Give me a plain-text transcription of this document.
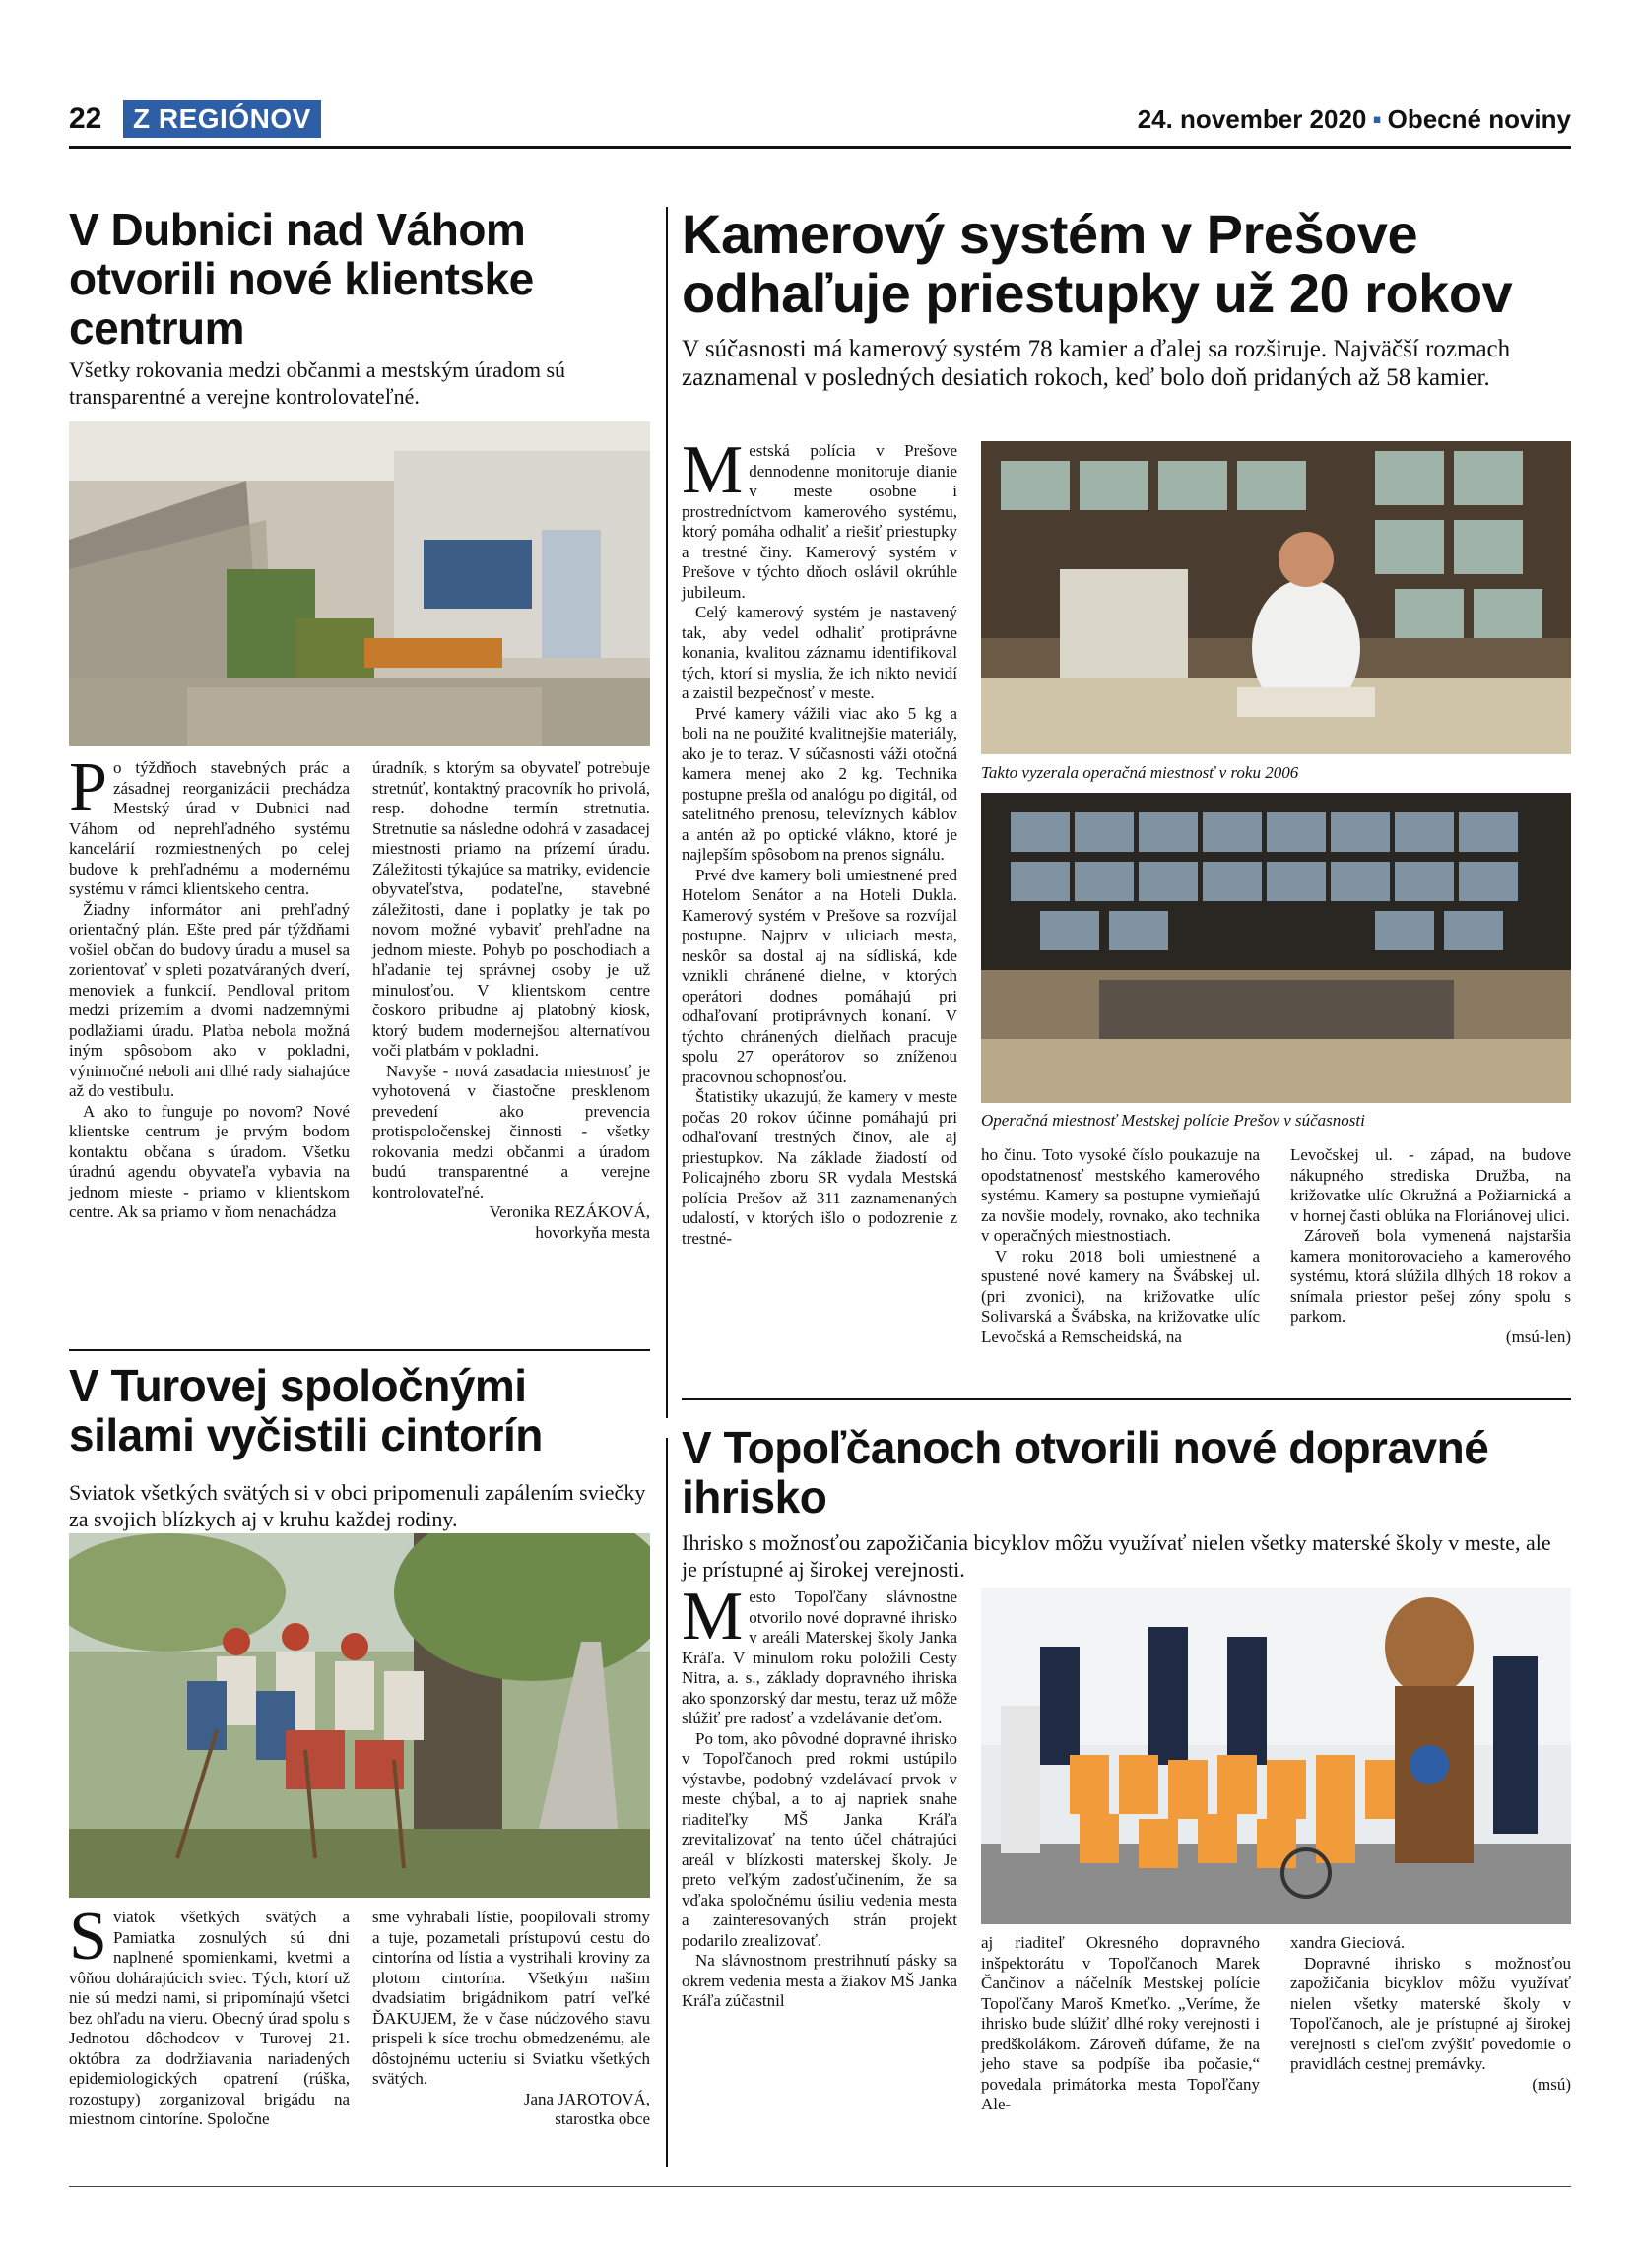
22	Z REGIÓNOV	24. november 2020 ▪ Obecné noviny
V Dubnici nad Váhom otvorili nové klientske centrum

Všetky rokovania medzi občanmi a mestským úradom sú transparentné a verejne kontrolovateľné.

Po týždňoch stavebných prác a zásadnej reorganizácii prechádza Mestský úrad v Dubnici nad Váhom od neprehľadného systému kancelárií rozmiestnených po celej budove k prehľadnému a modernému systému v rámci klientskeho centra.

Žiadny informátor ani prehľadný orientačný plán. Ešte pred pár týždňami vošiel občan do budovy úradu a musel sa zorientovať v spleti pozatváraných dverí, menoviek a funkcií. Pendloval pritom medzi prízemím a dvomi nadzemnými podlažiami úradu. Platba nebola možná iným spôsobom ako v pokladni, výnimočné neboli ani dlhé rady siahajúce až do vestibulu.

A ako to funguje po novom? Nové klientske centrum je prvým bodom kontaktu občana s úradom. Všetku úradnú agendu obyvateľa vybavia na jednom mieste - priamo v klientskom centre. Ak sa priamo v ňom nenachádza

úradník, s ktorým sa obyvateľ potrebuje stretnúť, kontaktný pracovník ho privolá, resp. dohodne termín stretnutia. Stretnutie sa následne odohrá v zasadacej miestnosti priamo na prízemí úradu. Záležitosti týkajúce sa matriky, evidencie obyvateľstva, podateľne, stavebné záležitosti, dane i poplatky je tak po novom možné vybaviť prehľadne na jednom mieste. Pohyb po poschodiach a hľadanie tej správnej osoby je už minulosťou. V klientskom centre čoskoro pribudne aj platobný kiosk, ktorý budem modernejšou alternatívou voči platbám v pokladni.

Navyše - nová zasadacia miestnosť je vyhotovená v čiastočne presklenom prevedení ako prevencia protispoločenskej činnosti - všetky rokovania medzi občanmi a úradom budú transparentné a verejne kontrolovateľné.

Veronika REZÁKOVÁ,

hovorkyňa mesta

Kamerový systém v Prešove odhaľuje priestupky už 20 rokov

V súčasnosti má kamerový systém 78 kamier a ďalej sa rozširuje. Najväčší rozmach zaznamenal v posledných desiatich rokoch, keď bolo doň pridaných až 58 kamier.

Mestská polícia v Prešove dennodenne monitoruje dianie v meste osobne i prostredníctvom kamerového systému, ktorý pomáha odhaliť a riešiť priestupky a trestné činy. Kamerový systém v Prešove v týchto dňoch oslávil okrúhle jubileum.

Celý kamerový systém je nastavený tak, aby vedel odhaliť protiprávne konania, kvalitou záznamu identifikoval tých, ktorí si myslia, že ich nikto nevidí a zaistil bezpečnosť v meste.

Prvé kamery vážili viac ako 5 kg a boli na ne použité kvalitnejšie materiály, ako je to teraz. V súčasnosti váži otočná kamera menej ako 2 kg. Technika postupne prešla od analógu po digitál, od satelitného prenosu, televíznych káblov a antén až po optické vlákno, ktoré je najlepším spôsobom na prenos signálu.

Prvé dve kamery boli umiestnené pred Hotelom Senátor a na Hoteli Dukla. Kamerový systém v Prešove sa rozvíjal postupne. Najprv v uliciach mesta, neskôr sa dostal aj na sídliská, kde vznikli chránené dielne, v ktorých operátori dodnes pomáhajú pri odhaľovaní protiprávnych konaní. V týchto chránených dielňach pracuje spolu 27 operátorov so zníženou pracovnou schopnosťou.

Štatistiky ukazujú, že kamery v meste počas 20 rokov účinne pomáhajú pri odhaľovaní trestných činov, ale aj priestupkov. Na základe žiadostí od Policajného zboru SR vydala Mestská polícia Prešov až 311 zaznamenaných udalostí, v ktorých išlo o podozrenie z trestné-

Takto vyzerala operačná miestnosť v roku 2006
Operačná miestnosť Mestskej polície Prešov v súčasnosti

ho činu. Toto vysoké číslo poukazuje na opodstatnenosť mestského kamerového systému. Kamery sa postupne vymieňajú za novšie modely, rovnako, ako technika v operačných miestnostiach.

V roku 2018 boli umiestnené a spustené nové kamery na Švábskej ul. (pri zvonici), na križovatke ulíc Solivarská a Švábska, na križovatke ulíc Levočská a Remscheidská, na

Levočskej ul. - západ, na budove nákupného strediska Družba, na križovatke ulíc Okružná a Požiarnická a v hornej časti oblúka na Floriánovej ulici.

Zároveň bola vymenená najstaršia kamera monitorovacieho a kamerového systému, ktorá slúžila dlhých 18 rokov a snímala priestor pešej zóny spolu s parkom.

(msú-len)

V Turovej spoločnými silami vyčistili cintorín

Sviatok všetkých svätých si v obci pripomenuli zapálením sviečky za svojich blízkych aj v kruhu každej rodiny.

Sviatok všetkých svätých a Pamiatka zosnulých sú dni naplnené spomienkami, kvetmi a vôňou dohárajúcich sviec. Tých, ktorí už nie sú medzi nami, si pripomínajú všetci bez ohľadu na vieru. Obecný úrad spolu s Jednotou dôchodcov v Turovej 21. októbra za dodržiavania nariadených epidemiologických opatrení (rúška, rozostupy) zorganizoval brigádu na miestnom cintoríne. Spoločne

sme vyhrabali lístie, poopilovali stromy a tuje, pozametali prístupovú cestu do cintorína od lístia a vystrihali kroviny za plotom cintorína. Všetkým našim dvadsiatim brigádnikom patrí veľké ĎAKUJEM, že v čase núdzového stavu prispeli k síce trochu obmedzenému, ale dôstojnému ucteniu si Sviatku všetkých svätých.

Jana JAROTOVÁ,

starostka obce

V Topoľčanoch otvorili nové dopravné ihrisko

Ihrisko s možnosťou zapožičania bicyklov môžu využívať nielen všetky materské školy v meste, ale je prístupné aj širokej verejnosti.

Mesto Topoľčany slávnostne otvorilo nové dopravné ihrisko v areáli Materskej školy Janka Kráľa. V minulom roku položili Cesty Nitra, a. s., základy dopravného ihriska ako sponzorský dar mestu, teraz už môže slúžiť pre radosť a vzdelávanie deťom.

Po tom, ako pôvodné dopravné ihrisko v Topoľčanoch pred rokmi ustúpilo výstavbe, podobný vzdelávací prvok v meste chýbal, a to aj napriek snahe riaditeľky MŠ Janka Kráľa zrevitalizovať na tento účel chátrajúci areál v blízkosti materskej školy. Je preto veľkým zadosťučinením, že sa vďaka spoločnému úsiliu vedenia mesta a zainteresovaných strán projekt podarilo zrealizovať.

Na slávnostnom prestrihnutí pásky sa okrem vedenia mesta a žiakov MŠ Janka Kráľa zúčastnil

aj riaditeľ Okresného dopravného inšpektorátu v Topoľčanoch Marek Čančinov a náčelník Mestskej polície Topoľčany Maroš Kmeťko. „Veríme, že ihrisko bude slúžiť dlhé roky verejnosti i predškolákom. Zároveň dúfame, že na jeho stave sa podpíše iba počasie,“ povedala primátorka mesta Topoľčany Ale-

xandra Gieciová.

Dopravné ihrisko s možnosťou zapožičania bicyklov môžu využívať nielen všetky materské školy v Topoľčanoch, ale je prístupné aj širokej verejnosti s cieľom zvýšiť povedomie o pravidlách cestnej premávky.

(msú)
